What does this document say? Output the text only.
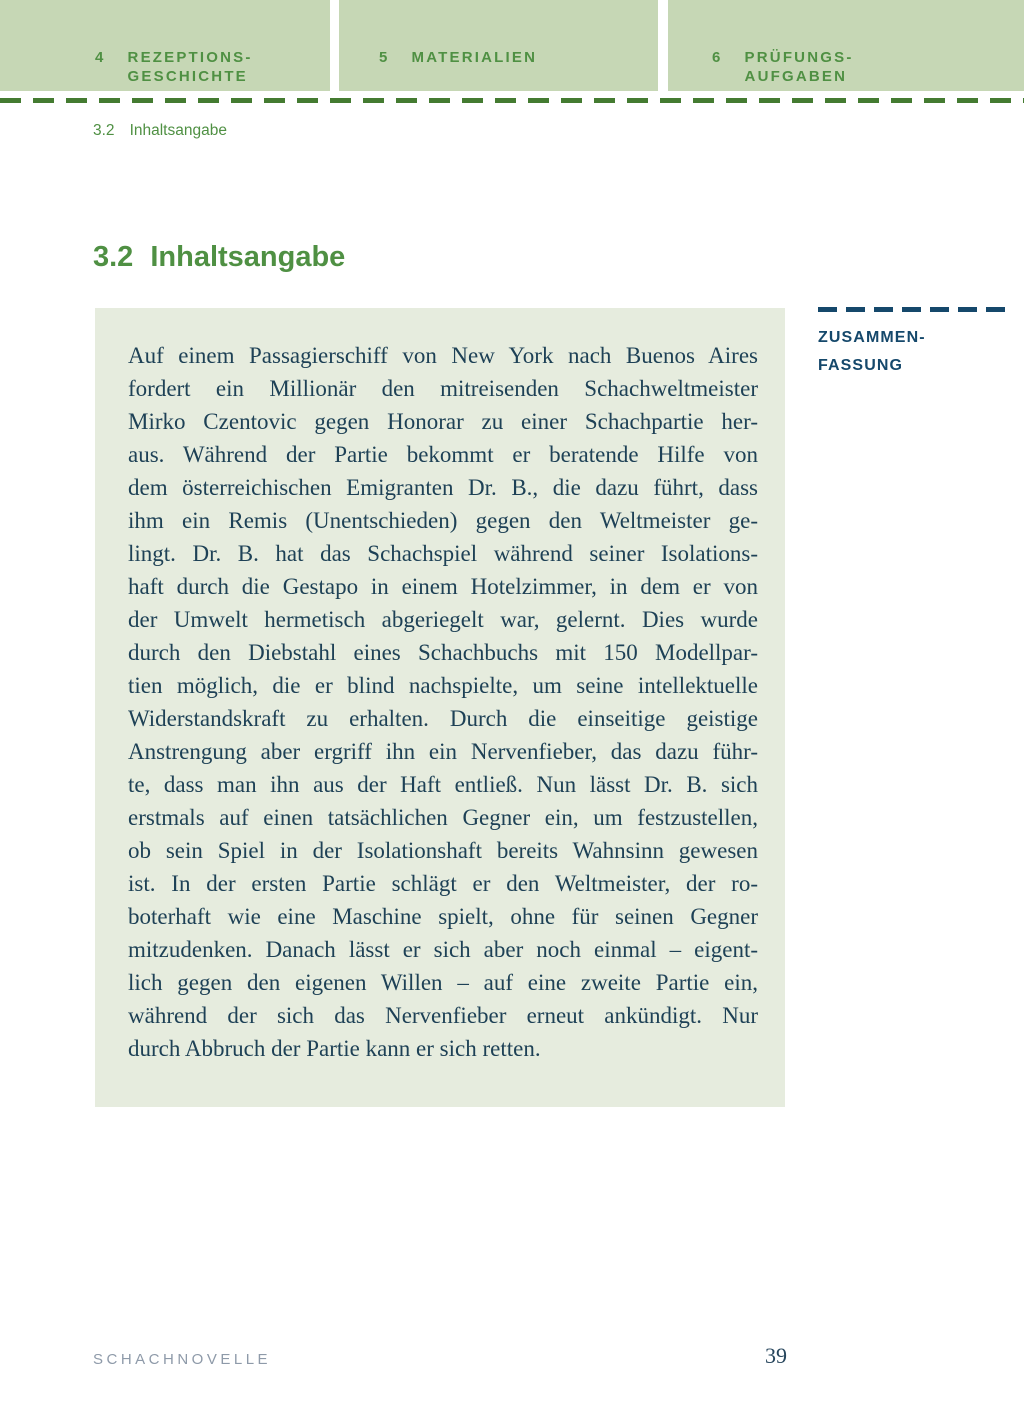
4 REZEPTIONS-
GESCHICHTE
5 MATERIALIEN	6 PRÜFUNGS-
AUFGABEN
3.2 Inhaltsangabe
3.2 Inhaltsangabe
Auf einem Passagierschiff von New York nach Buenos Aires
fordert ein Millionär den mitreisenden Schachweltmeister
Mirko Czentovic gegen Honorar zu einer Schachpartie her-
aus. Während der Partie bekommt er beratende Hilfe von
dem österreichischen Emigranten Dr. B., die dazu führt, dass
ihm ein Remis (Unentschieden) gegen den Weltmeister ge-
lingt. Dr. B. hat das Schachspiel während seiner Isolations-
haft durch die Gestapo in einem Hotelzimmer, in dem er von
der Umwelt hermetisch abgeriegelt war, gelernt. Dies wurde
durch den Diebstahl eines Schachbuchs mit 150 Modellpar-
tien möglich, die er blind nachspielte, um seine intellektuelle
Widerstandskraft zu erhalten. Durch die einseitige geistige
Anstrengung aber ergriff ihn ein Nervenfieber, das dazu führ-
te, dass man ihn aus der Haft entließ. Nun lässt Dr. B. sich
erstmals auf einen tatsächlichen Gegner ein, um festzustellen,
ob sein Spiel in der Isolationshaft bereits Wahnsinn gewesen
ist. In der ersten Partie schlägt er den Weltmeister, der ro-
boterhaft wie eine Maschine spielt, ohne für seinen Gegner
mitzudenken. Danach lässt er sich aber noch einmal – eigent-
lich gegen den eigenen Willen – auf eine zweite Partie ein,
während der sich das Nervenfieber erneut ankündigt. Nur
durch Abbruch der Partie kann er sich retten.
ZUSAMMEN-
FASSUNG
SCHACHNOVELLE	39
